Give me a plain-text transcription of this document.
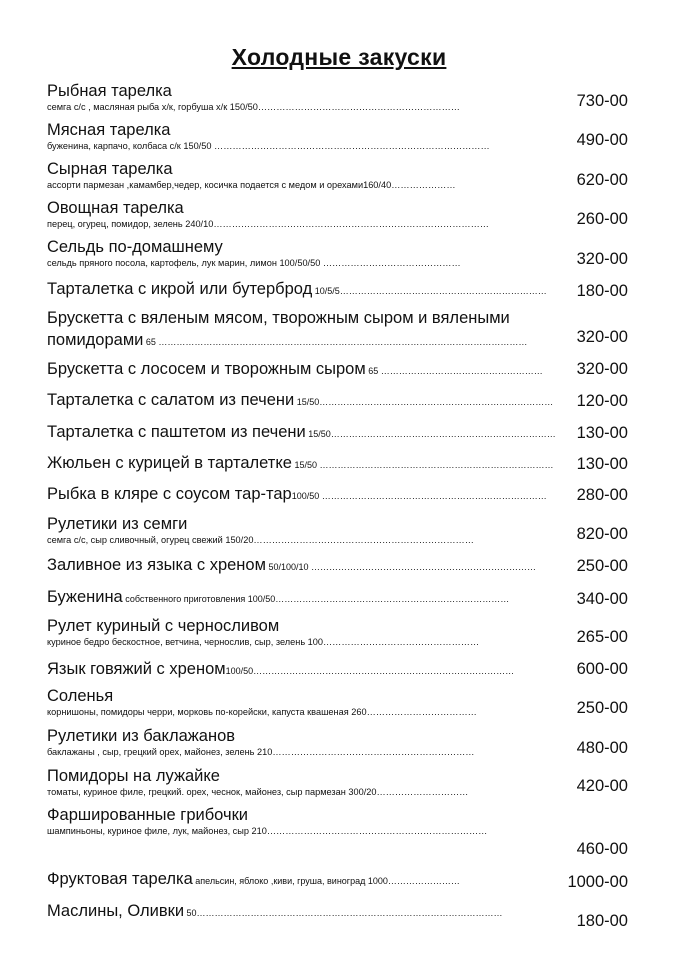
Холодные закуски
Рыбная тарелка
семга с/с , масляная рыба х/к, горбуша х/к 150/50…………………………………………………………	730-00
Мясная тарелка
буженина, карпачо, колбаса с/к 150/50 ………………………………………………………………………………	490-00
Сырная тарелка
ассорти пармезан ,камамбер,чедер, косичка подается с медом и орехами160/40…………………	620-00
Овощная тарелка
перец, огурец, помидор, зелень 240/10………………………………………………………………………………	260-00
Сельдь по-домашнему
сельдь пряного посола, картофель, лук марин, лимон 100/50/50 ………………………………………	320-00
Тарталетка с икрой или бутерброд 10/5/5…………………………………………………………… 180-00
Брускетта с вяленым мясом, творожным сыром и вялеными
помидорами 65 ……………………………………………………………………………………………………………	320-00
Брускетта с лососем и творожным сыром 65 ……………………………………………… 320-00
Тарталетка с салатом из печени 15/50…………………………………………………………………… 120-00
Тарталетка с паштетом из печени 15/50………………………………………………………………… 130-00
Жюльен с курицей в тарталетке 15/50 …………………………………………………………………… 130-00
Рыбка в кляре с соусом тар-тар100/50 ………………………………………………………………… 280-00
Рулетики из семги
семга с/с, сыр сливочный, огурец свежий 150/20………………………………………………………………	820-00
Заливное из языка с хреном 50/100/10 …………………………………………………………………	250-00
Буженина собственного приготовления 100/50……………………………………………………………………	340-00
Рулет куриный с черносливом
куриное бедро бескостное, ветчина, чернослив, сыр, зелень 100……………………………………………	265-00
Язык говяжий с хреном100/50……………………………………………………………………………	600-00
Соленья
корнишоны, помидоры черри, морковь по-корейски, капуста квашеная 260………………………………	250-00
Рулетики из баклажанов
баклажаны , сыр, грецкий орех, майонез, зелень 210…………………………………………………………	480-00
Помидоры на лужайке
томаты, куриное филе, грецкий. орех, чеснок, майонез, сыр пармезан 300/20…………………………	420-00
Фаршированные грибочки
шампиньоны, куриное филе, лук, майонез, сыр 210………………………………………………………………
460-00
Фруктовая тарелка апельсин, яблоко ,киви, груша, виноград 1000……………………	1000-00
Маслины, Оливки 50…………………………………………………………………………………………	180-00
